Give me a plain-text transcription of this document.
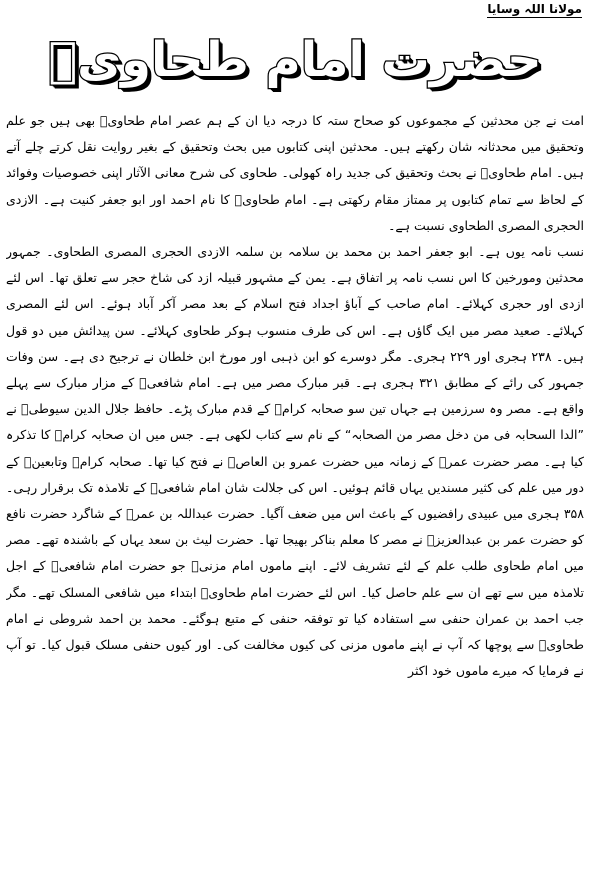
مولانا اللہ وسایا
حضرت امام طحاویؒ

امت نے جن محدثین کے مجموعوں کو صحاح ستہ کا درجہ دیا ان کے ہم عصر امام طحاویؒ بھی ہیں جو علم وتحقیق میں محدثانہ شان رکھتے ہیں۔ محدثین اپنی کتابوں میں بحث وتحقیق کے بغیر روایت نقل کرتے چلے آتے ہیں۔ امام طحاویؒ نے بحث وتحقیق کی جدید راہ کھولی۔ طحاوی کی شرح معانی الآثار اپنی خصوصیات وفوائد کے لحاظ سے تمام کتابوں پر ممتاز مقام رکھتی ہے۔ امام طحاویؒ کا نام احمد اور ابو جعفر کنیت ہے۔ الازدی الحجری المصری الطحاوی نسبت ہے۔

نسب نامہ یوں ہے۔ ابو جعفر احمد بن محمد بن سلامہ بن سلمہ الازدی الحجری المصری الطحاوی۔ جمہور محدثین ومورخین کا اس نسب نامہ پر اتفاق ہے۔ یمن کے مشہور قبیلہ ازد کی شاخ حجر سے تعلق تھا۔ اس لئے ازدی اور حجری کہلائے۔ امام صاحب کے آباؤ اجداد فتح اسلام کے بعد مصر آکر آباد ہوئے۔ اس لئے المصری کہلائے۔ صعید مصر میں ایک گاؤں ہے۔ اس کی طرف منسوب ہوکر طحاوی کہلائے۔ سن پیدائش میں دو قول ہیں۔ ۲۳۸ ہجری اور ۲۲۹ ہجری۔ مگر دوسرے کو ابن ذہبی اور مورخ ابن خلطان نے ترجیح دی ہے۔ سن وفات جمہور کی رائے کے مطابق ۳۲۱ ہجری ہے۔ قبر مبارک مصر میں ہے۔ امام شافعیؒ کے مزار مبارک سے پہلے واقع ہے۔ مصر وہ سرزمین ہے جہاں تین سو صحابہ کرامؓ کے قدم مبارک پڑے۔ حافظ جلال الدین سیوطیؒ نے ”الدا السحابہ فی من دخل مصر من الصحابہ“ کے نام سے کتاب لکھی ہے۔ جس میں ان صحابہ کرامؓ کا تذکرہ کیا ہے۔ مصر حضرت عمرؓ کے زمانہ میں حضرت عمرو بن العاصؓ نے فتح کیا تھا۔ صحابہ کرامؓ وتابعینؒ کے دور میں علم کی کثیر مسندیں یہاں قائم ہوئیں۔ اس کی جلالت شان امام شافعیؒ کے تلامذہ تک برقرار رہی۔ ۳۵۸ ہجری میں عبیدی رافضیوں کے باعث اس میں ضعف آگیا۔ حضرت عبداللہ بن عمرؓ کے شاگرد حضرت نافع کو حضرت عمر بن عبدالعزیزؒ نے مصر کا معلم بناکر بھیجا تھا۔ حضرت لیث بن سعد یہاں کے باشندہ تھے۔ مصر میں امام طحاوی طلب علم کے لئے تشریف لائے۔ اپنے ماموں امام مزنیؒ جو حضرت امام شافعیؒ کے اجل تلامذہ میں سے تھے ان سے علم حاصل کیا۔ اس لئے حضرت امام طحاویؒ ابتداء میں شافعی المسلک تھے۔ مگر جب احمد بن عمران حنفی سے استفادہ کیا تو توفقہ حنفی کے متبع ہوگئے۔ محمد بن احمد شروطی نے امام طحاویؒ سے پوچھا کہ آپ نے اپنے ماموں مزنی کی کیوں مخالفت کی۔ اور کیوں حنفی مسلک قبول کیا۔ تو آپ نے فرمایا کہ میرے ماموں خود اکثر
